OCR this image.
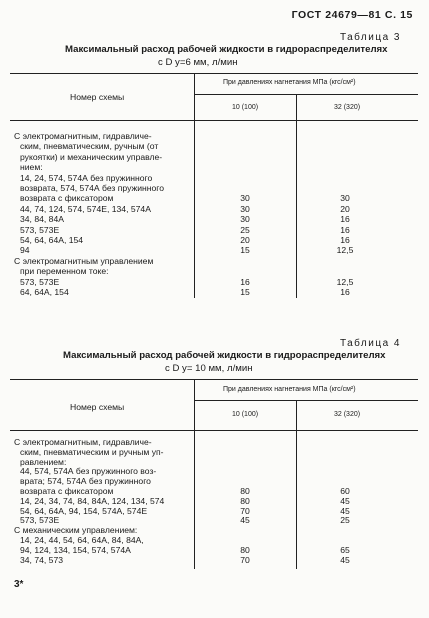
ГОСТ 24679—81 С. 15
Таблица 3
Максимальный расход рабочей жидкости в гидрораспределителях
с D у=6 мм, л/мин
Номер схемы
При давлениях нагнетания МПа (кгс/см²)
10 (100)	32 (320)
С электромагнитным, гидравличе-
ским, пневматическим, ручным (от
рукоятки) и механическим управле-
нием:
14, 24, 574, 574А без пружинного
возврата, 574, 574А без пружинного
возврата с фиксатором	30	30
44, 74, 124, 574, 574Е, 134, 574А	30	20
34, 84, 84А	30	16
573, 573Е	25	16
54, 64, 64А, 154	20	16
94	15	12,5
С электромагнитным управлением
при переменном токе:
573, 573Е	16	12,5
64, 64А, 154	15	16
Таблица 4
Максимальный расход рабочей жидкости в гидрораспределителях
с D у= 10 мм, л/мин
Номер схемы
При давлениях нагнетания МПа (кгс/см²)
10 (100)	32 (320)
С электромагнитным, гидравличе-
ским, пневматическим и ручным уп-
равлением:
44, 574, 574А без пружинного воз-
врата; 574, 574А без пружинного
возврата с фиксатором	80	60
14, 24, 34, 74, 84, 84А, 124, 134, 574	80	45
54, 64, 64А, 94, 154, 574А, 574Е	70	45
573, 573Е	45	25
С механическим управлением:
14, 24, 44, 54, 64, 64А, 84, 84А,
94, 124, 134, 154, 574, 574А	80	65
34, 74, 573	70	45
3*
